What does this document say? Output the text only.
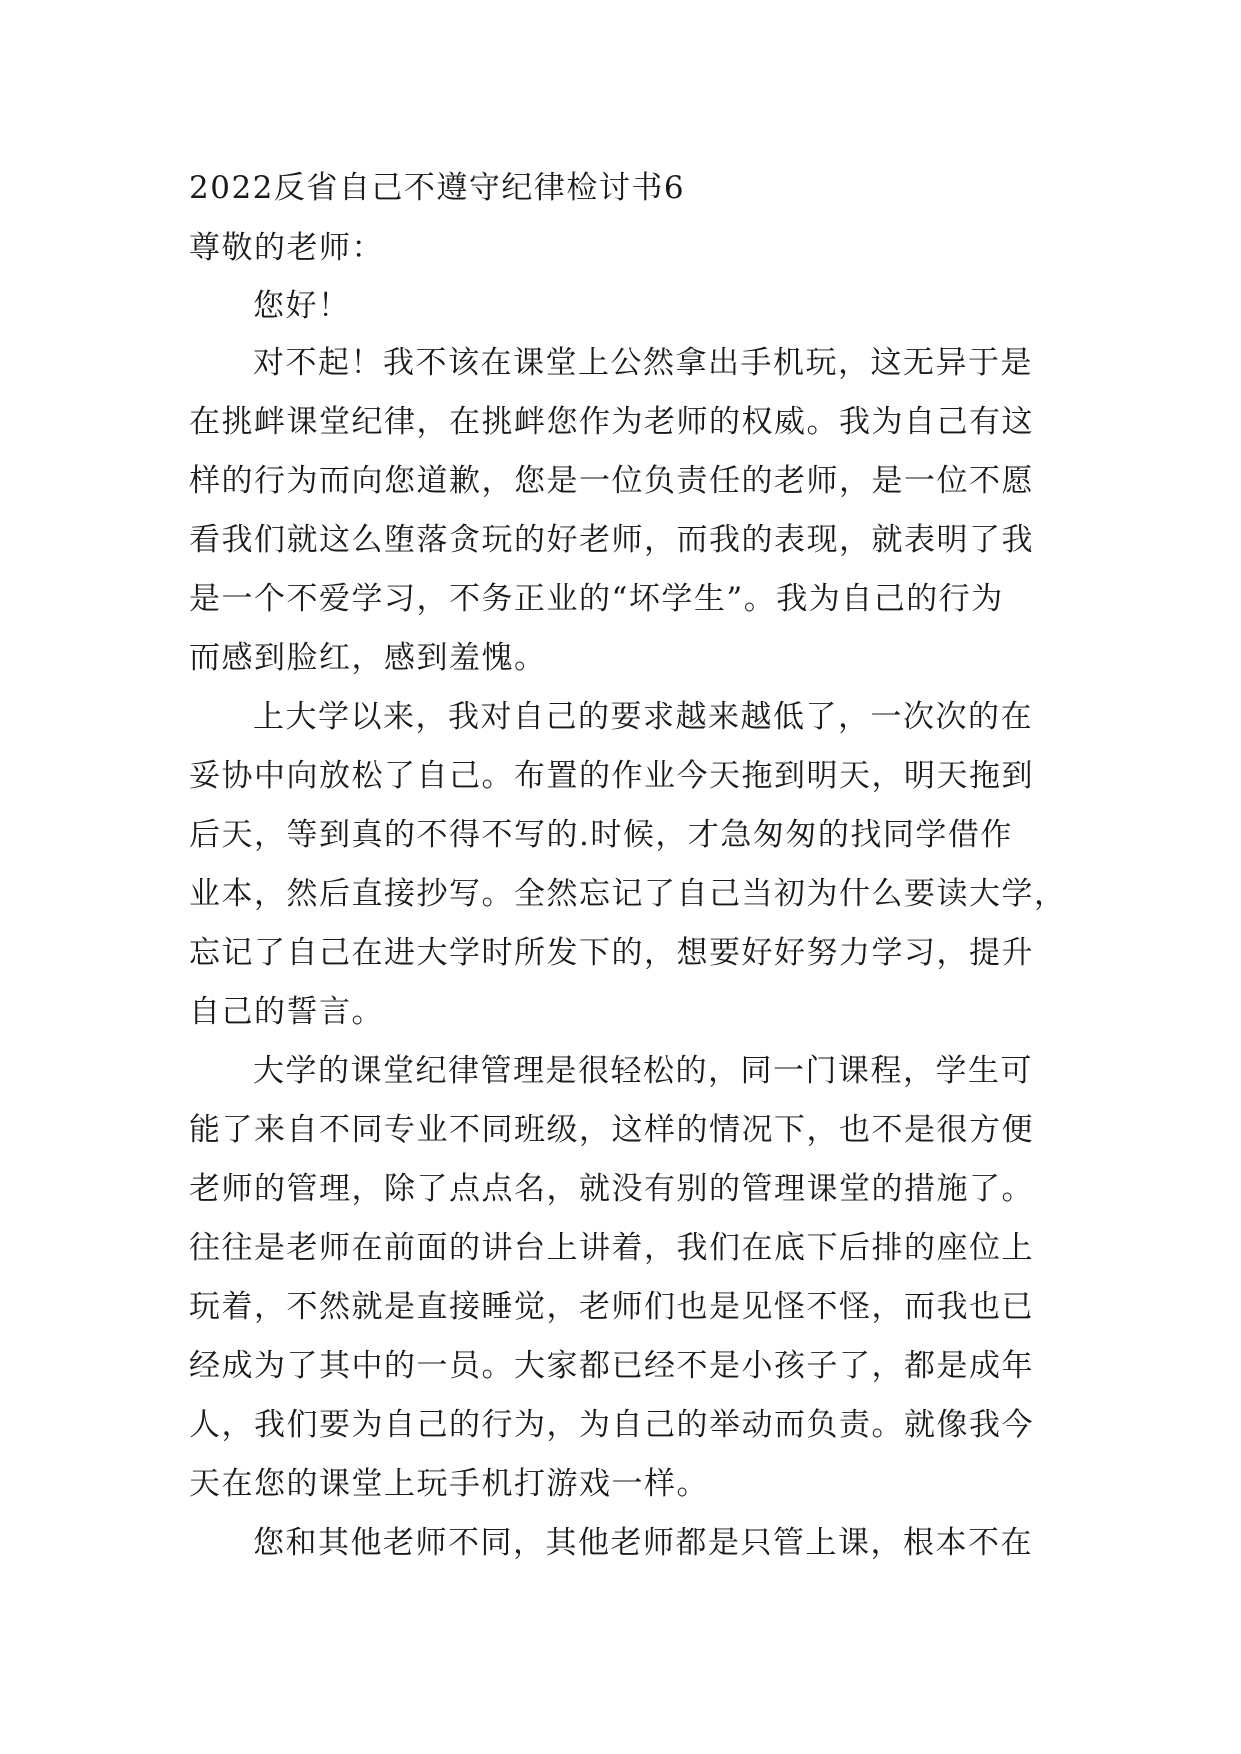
2022反省自己不遵守纪律检讨书6
尊敬的老师：
您好！
对不起！我不该在课堂上公然拿出手机玩，这无异于是
在挑衅课堂纪律，在挑衅您作为老师的权威。我为自己有这
样的行为而向您道歉，您是一位负责任的老师，是一位不愿
看我们就这么堕落贪玩的好老师，而我的表现，就表明了我
是一个不爱学习，不务正业的“坏学生”。我为自己的行为
而感到脸红，感到羞愧。
上大学以来，我对自己的要求越来越低了，一次次的在
妥协中向放松了自己。布置的作业今天拖到明天，明天拖到
后天，等到真的不得不写的.时候，才急匆匆的找同学借作
业本，然后直接抄写。全然忘记了自己当初为什么要读大学，
忘记了自己在进大学时所发下的，想要好好努力学习，提升
自己的誓言。
大学的课堂纪律管理是很轻松的，同一门课程，学生可
能了来自不同专业不同班级，这样的情况下，也不是很方便
老师的管理，除了点点名，就没有别的管理课堂的措施了。
往往是老师在前面的讲台上讲着，我们在底下后排的座位上
玩着，不然就是直接睡觉，老师们也是见怪不怪，而我也已
经成为了其中的一员。大家都已经不是小孩子了，都是成年
人，我们要为自己的行为，为自己的举动而负责。就像我今
天在您的课堂上玩手机打游戏一样。
您和其他老师不同，其他老师都是只管上课，根本不在
